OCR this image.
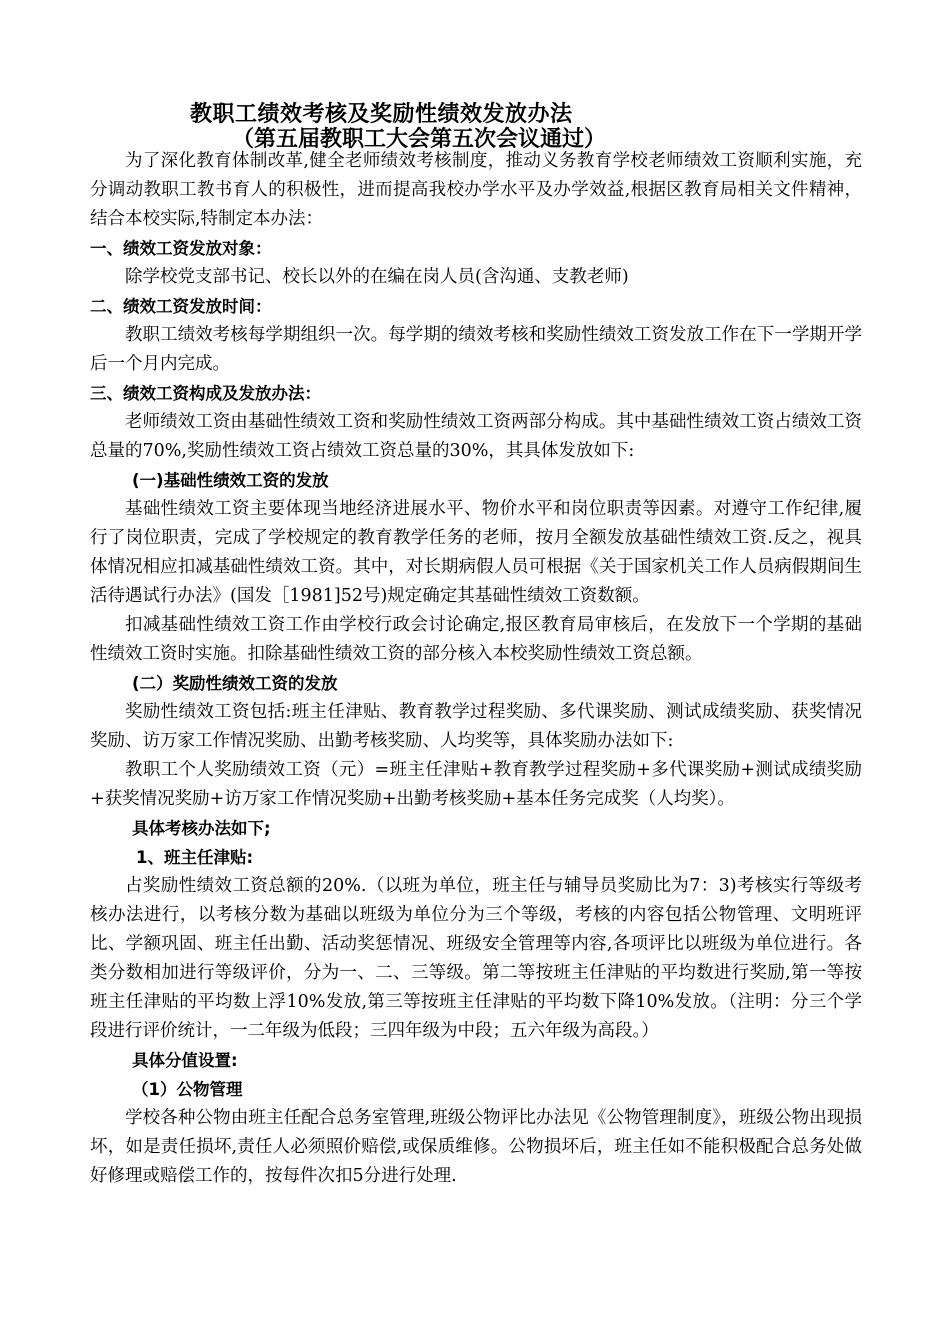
教职工绩效考核及奖励性绩效发放办法
（第五届教职工大会第五次会议通过）

为了深化教育体制改革,健全老师绩效考核制度，推动义务教育学校老师绩效工资顺利实施，充分调动教职工教书育人的积极性，进而提高我校办学水平及办学效益,根据区教育局相关文件精神，结合本校实际,特制定本办法：

一、绩效工资发放对象：

除学校党支部书记、校长以外的在编在岗人员(含沟通、支教老师)

二、绩效工资发放时间：

教职工绩效考核每学期组织一次。每学期的绩效考核和奖励性绩效工资发放工作在下一学期开学后一个月内完成。

三、绩效工资构成及发放办法：

老师绩效工资由基础性绩效工资和奖励性绩效工资两部分构成。其中基础性绩效工资占绩效工资总量的70%,奖励性绩效工资占绩效工资总量的30%，其具体发放如下:

(一)基础性绩效工资的发放

基础性绩效工资主要体现当地经济进展水平、物价水平和岗位职责等因素。对遵守工作纪律,履行了岗位职责，完成了学校规定的教育教学任务的老师，按月全额发放基础性绩效工资.反之，视具体情况相应扣减基础性绩效工资。其中，对长期病假人员可根据《关于国家机关工作人员病假期间生活待遇试行办法》(国发［1981]52号)规定确定其基础性绩效工资数额。

扣减基础性绩效工资工作由学校行政会讨论确定,报区教育局审核后，在发放下一个学期的基础性绩效工资时实施。扣除基础性绩效工资的部分核入本校奖励性绩效工资总额。

(二）奖励性绩效工资的发放

奖励性绩效工资包括:班主任津贴、教育教学过程奖励、多代课奖励、测试成绩奖励、获奖情况奖励、访万家工作情况奖励、出勤考核奖励、人均奖等，具体奖励办法如下:

教职工个人奖励绩效工资（元）=班主任津贴+教育教学过程奖励+多代课奖励+测试成绩奖励+获奖情况奖励+访万家工作情况奖励+出勤考核奖励+基本任务完成奖（人均奖）。

具体考核办法如下;

1、班主任津贴:

占奖励性绩效工资总额的20%.（以班为单位，班主任与辅导员奖励比为7：3)考核实行等级考核办法进行，以考核分数为基础以班级为单位分为三个等级，考核的内容包括公物管理、文明班评比、学额巩固、班主任出勤、活动奖惩情况、班级安全管理等内容,各项评比以班级为单位进行。各类分数相加进行等级评价，分为一、二、三等级。第二等按班主任津贴的平均数进行奖励,第一等按班主任津贴的平均数上浮10%发放,第三等按班主任津贴的平均数下降10%发放。（注明：分三个学段进行评价统计，一二年级为低段；三四年级为中段；五六年级为高段。）

具体分值设置:

（1）公物管理

学校各种公物由班主任配合总务室管理,班级公物评比办法见《公物管理制度》，班级公物出现损坏，如是责任损坏,责任人必须照价赔偿,或保质维修。公物损坏后，班主任如不能积极配合总务处做好修理或赔偿工作的，按每件次扣5分进行处理.
